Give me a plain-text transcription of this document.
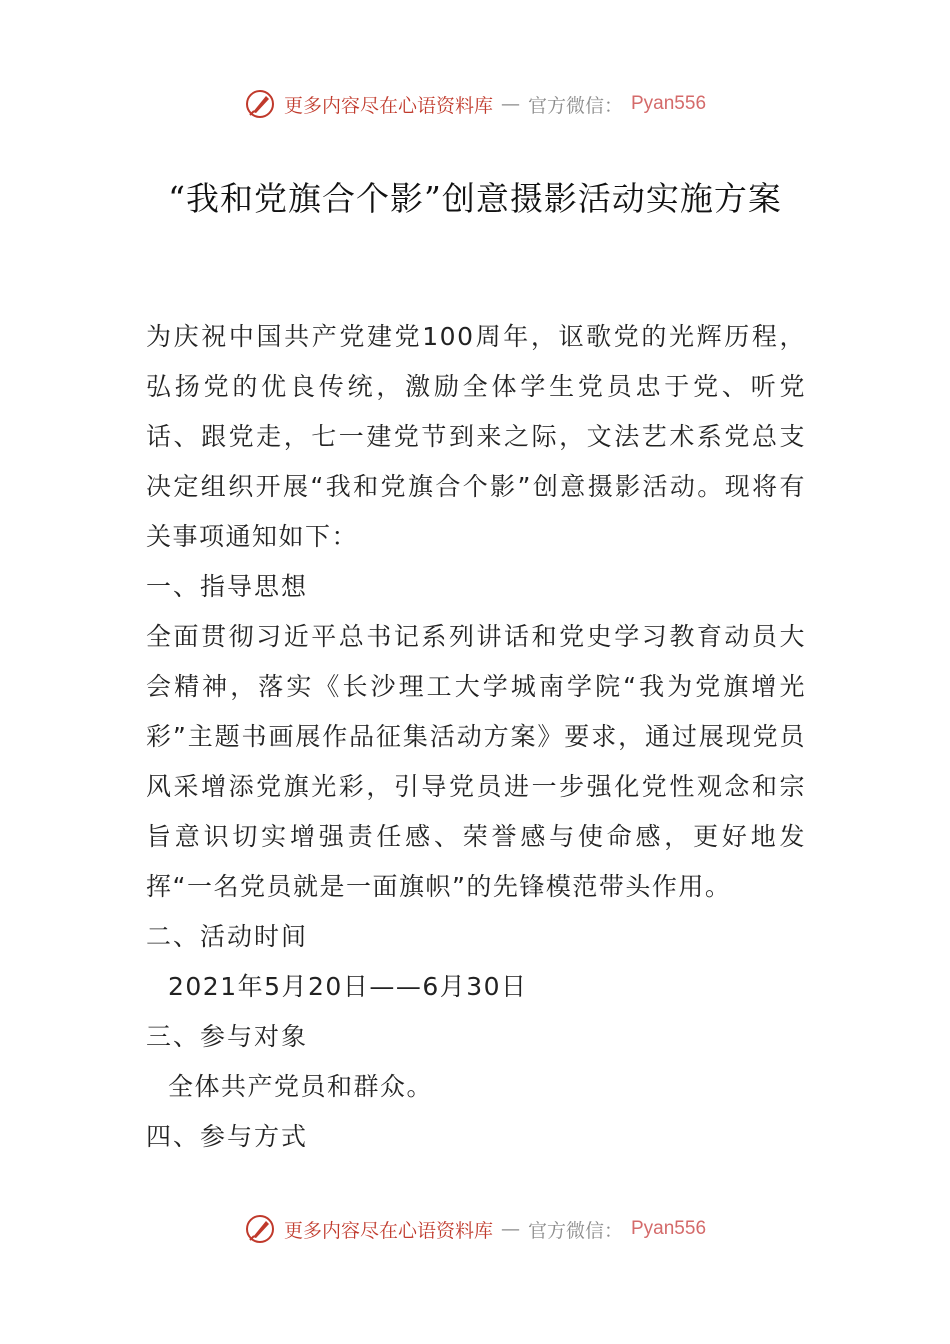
更多内容尽在心语资料库 — 官方微信： Pyan556
“我和党旗合个影”创意摄影活动实施方案

为庆祝中国共产党建党100周年，讴歌党的光辉历程，弘扬党的优良传统，激励全体学生党员忠于党、听党话、跟党走，七一建党节到来之际，文法艺术系党总支决定组织开展“我和党旗合个影”创意摄影活动。现将有关事项通知如下：

一、指导思想

全面贯彻习近平总书记系列讲话和党史学习教育动员大会精神，落实《长沙理工大学城南学院“我为党旗增光彩”主题书画展作品征集活动方案》要求，通过展现党员风采增添党旗光彩，引导党员进一步强化党性观念和宗旨意识切实增强责任感、荣誉感与使命感，更好地发挥“一名党员就是一面旗帜”的先锋模范带头作用。

二、活动时间

2021年5月20日——6月30日

三、参与对象

全体共产党员和群众。

四、参与方式

更多内容尽在心语资料库 — 官方微信： Pyan556
